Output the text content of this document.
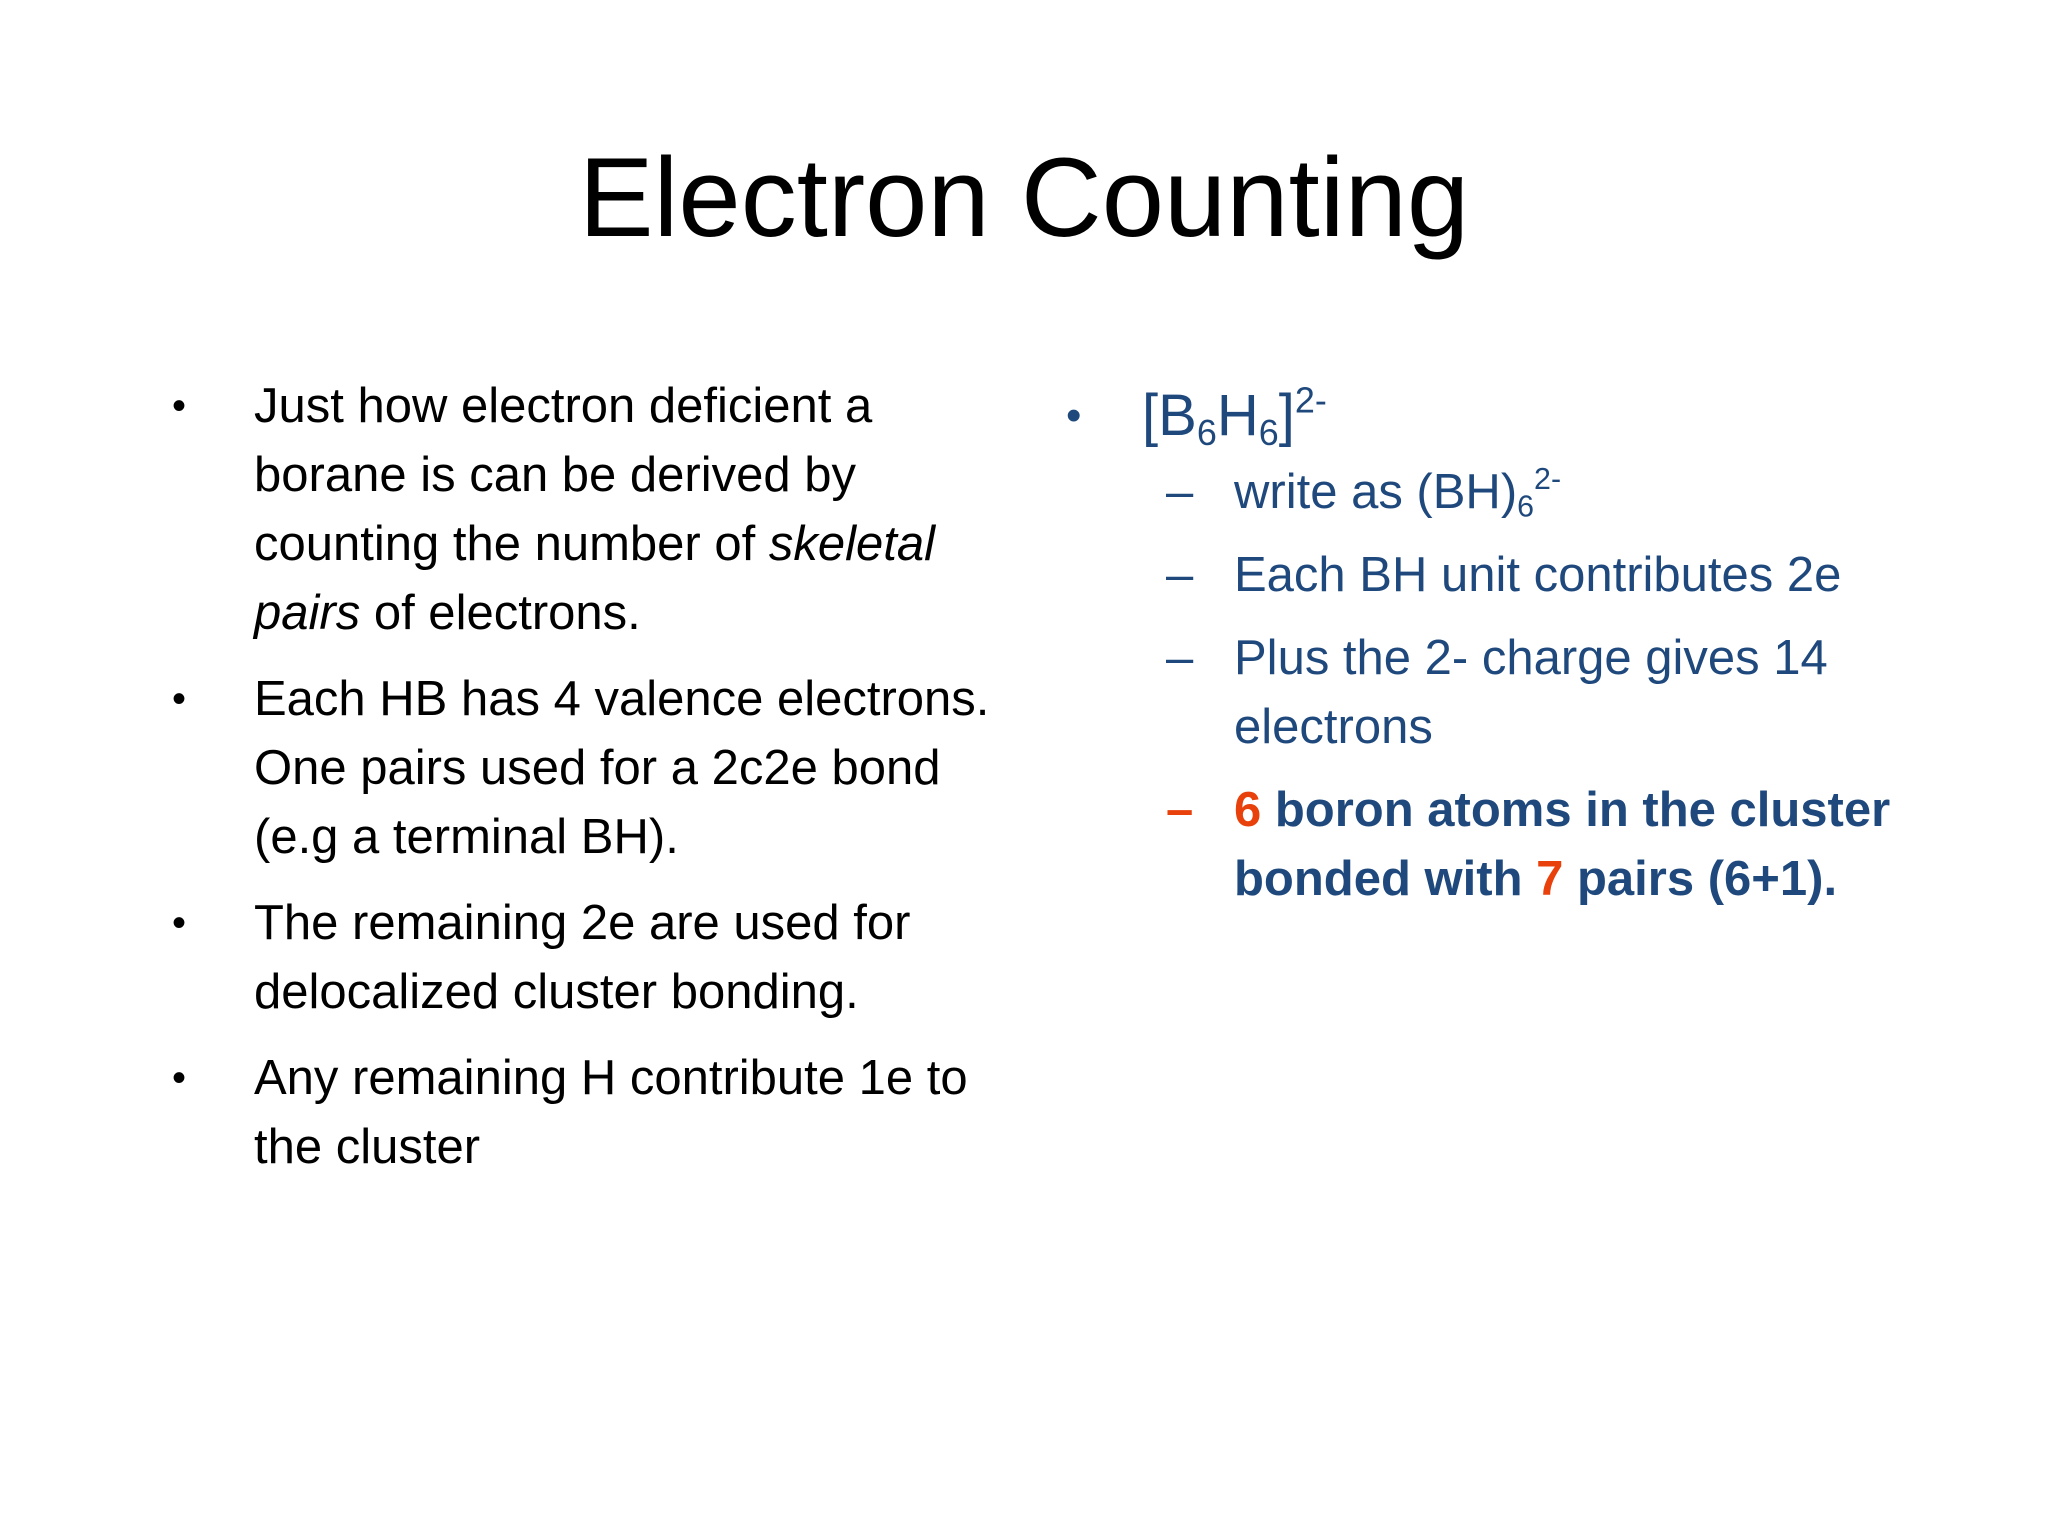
Electron Counting
•	Just how electron deficient a borane is can be derived by counting the number of skeletal pairs of electrons.
•	Each HB has 4 valence electrons. One pairs used for a 2c2e bond (e.g a terminal BH).
•	The remaining 2e are used for delocalized cluster bonding.
•	Any remaining H contribute 1e to the cluster
• $[B_6H_6]^{2-}$
– write as $(BH)_6^{2-}$
– Each BH unit contributes 2e
– Plus the 2- charge gives 14 electrons
– 6 boron atoms in the cluster bonded with 7 pairs (6+1).
